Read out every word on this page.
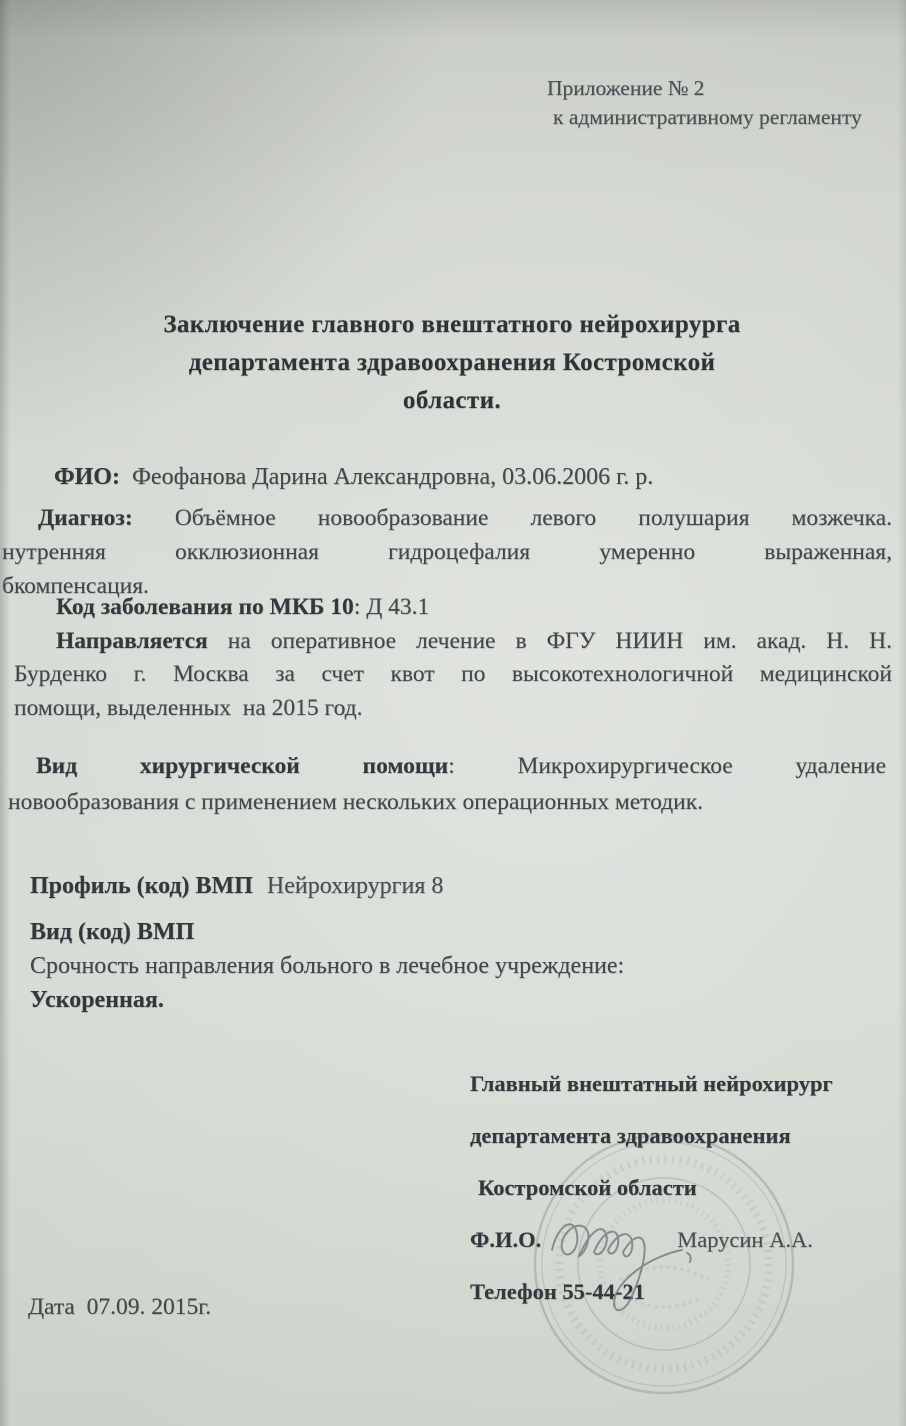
Приложение № 2
к административному регламенту
Заключение главного внештатного нейрохирурга
департамента здравоохранения Костромской
области.

ФИО:  Феофанова Дарина Александровна, 03.06.2006 г. р.

Диагноз: Объёмное новообразование левого полушария мозжечка.
нутренняя окклюзионная гидроцефалия умеренно выраженная,
бкомпенсация.
Код заболевания по МКБ 10: Д 43.1
Направляется на оперативное лечение в ФГУ НИИН им. акад. Н. Н.
Бурденко г. Москва за счет квот по высокотехнологичной медицинской
помощи, выделенных  на 2015 год.
Вид хирургической помощи: Микрохирургическое удаление
новообразования с применением нескольких операционных методик.
Профиль (код) ВМП Нейрохирургия 8
Вид (код) ВМП
Срочность направления больного в лечебное учреждение:
Ускоренная.
Главный внештатный нейрохирург
департамента здравоохранения
Костромской области
Ф.И.О.	Марусин А.А.
Телефон 55-44-21
Дата  07.09. 2015г.
